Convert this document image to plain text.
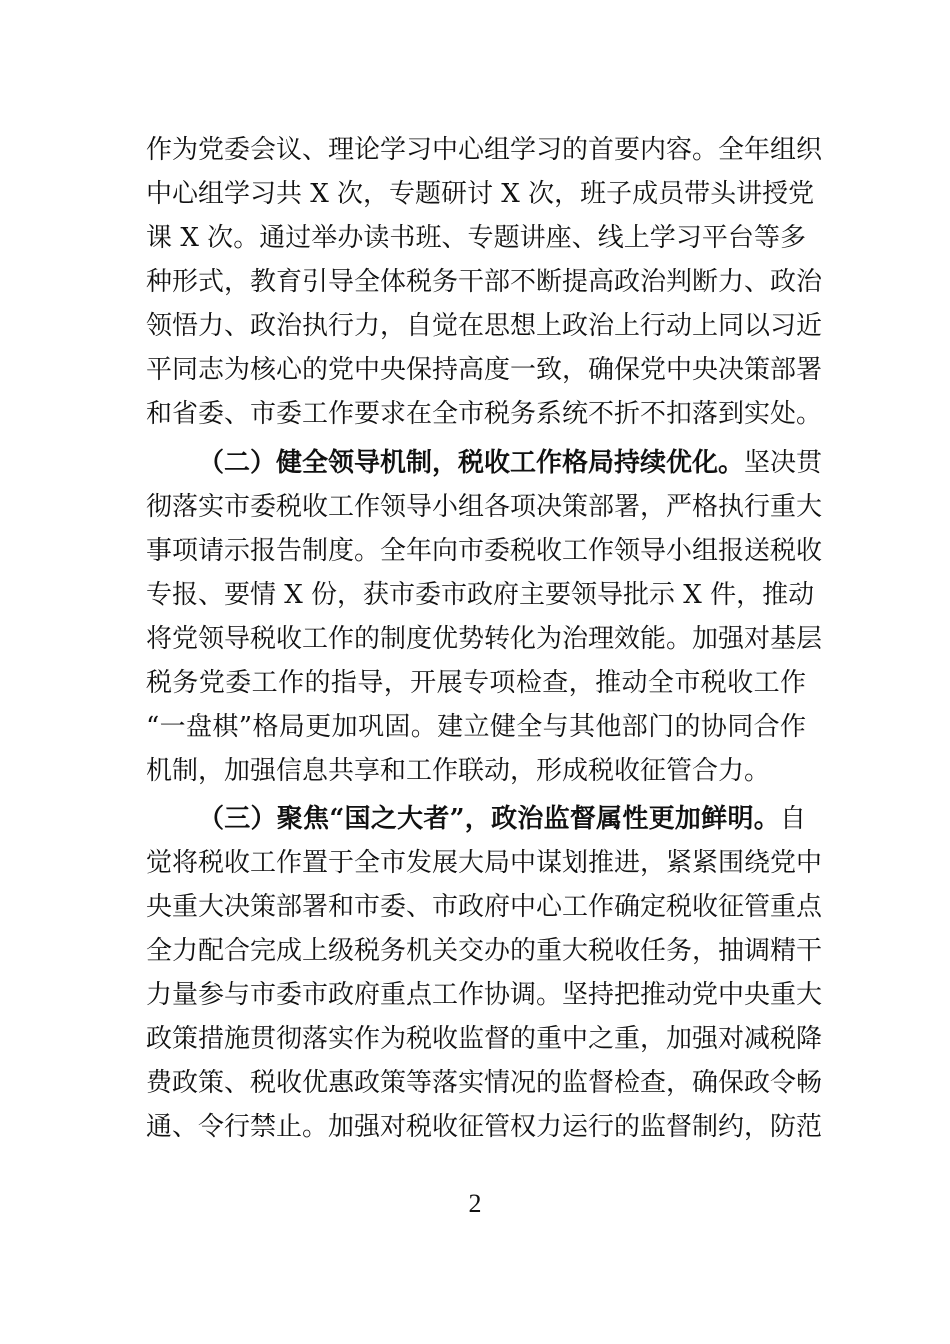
作为党委会议、理论学习中心组学习的首要内容。全年组织
中心组学习共 X 次，专题研讨 X 次，班子成员带头讲授党
课 X 次。通过举办读书班、专题讲座、线上学习平台等多
种形式，教育引导全体税务干部不断提高政治判断力、政治
领悟力、政治执行力，自觉在思想上政治上行动上同以习近
平同志为核心的党中央保持高度一致，确保党中央决策部署
和省委、市委工作要求在全市税务系统不折不扣落到实处。
（二）健全领导机制，税收工作格局持续优化。坚决贯
彻落实市委税收工作领导小组各项决策部署，严格执行重大
事项请示报告制度。全年向市委税收工作领导小组报送税收
专报、要情 X 份，获市委市政府主要领导批示 X 件，推动
将党领导税收工作的制度优势转化为治理效能。加强对基层
税务党委工作的指导，开展专项检查，推动全市税收工作
“一盘棋”格局更加巩固。建立健全与其他部门的协同合作
机制，加强信息共享和工作联动，形成税收征管合力。
（三）聚焦“国之大者”，政治监督属性更加鲜明。自
觉将税收工作置于全市发展大局中谋划推进，紧紧围绕党中
央重大决策部署和市委、市政府中心工作确定税收征管重点
全力配合完成上级税务机关交办的重大税收任务，抽调精干
力量参与市委市政府重点工作协调。坚持把推动党中央重大
政策措施贯彻落实作为税收监督的重中之重，加强对减税降
费政策、税收优惠政策等落实情况的监督检查，确保政令畅
通、令行禁止。加强对税收征管权力运行的监督制约，防范
2
